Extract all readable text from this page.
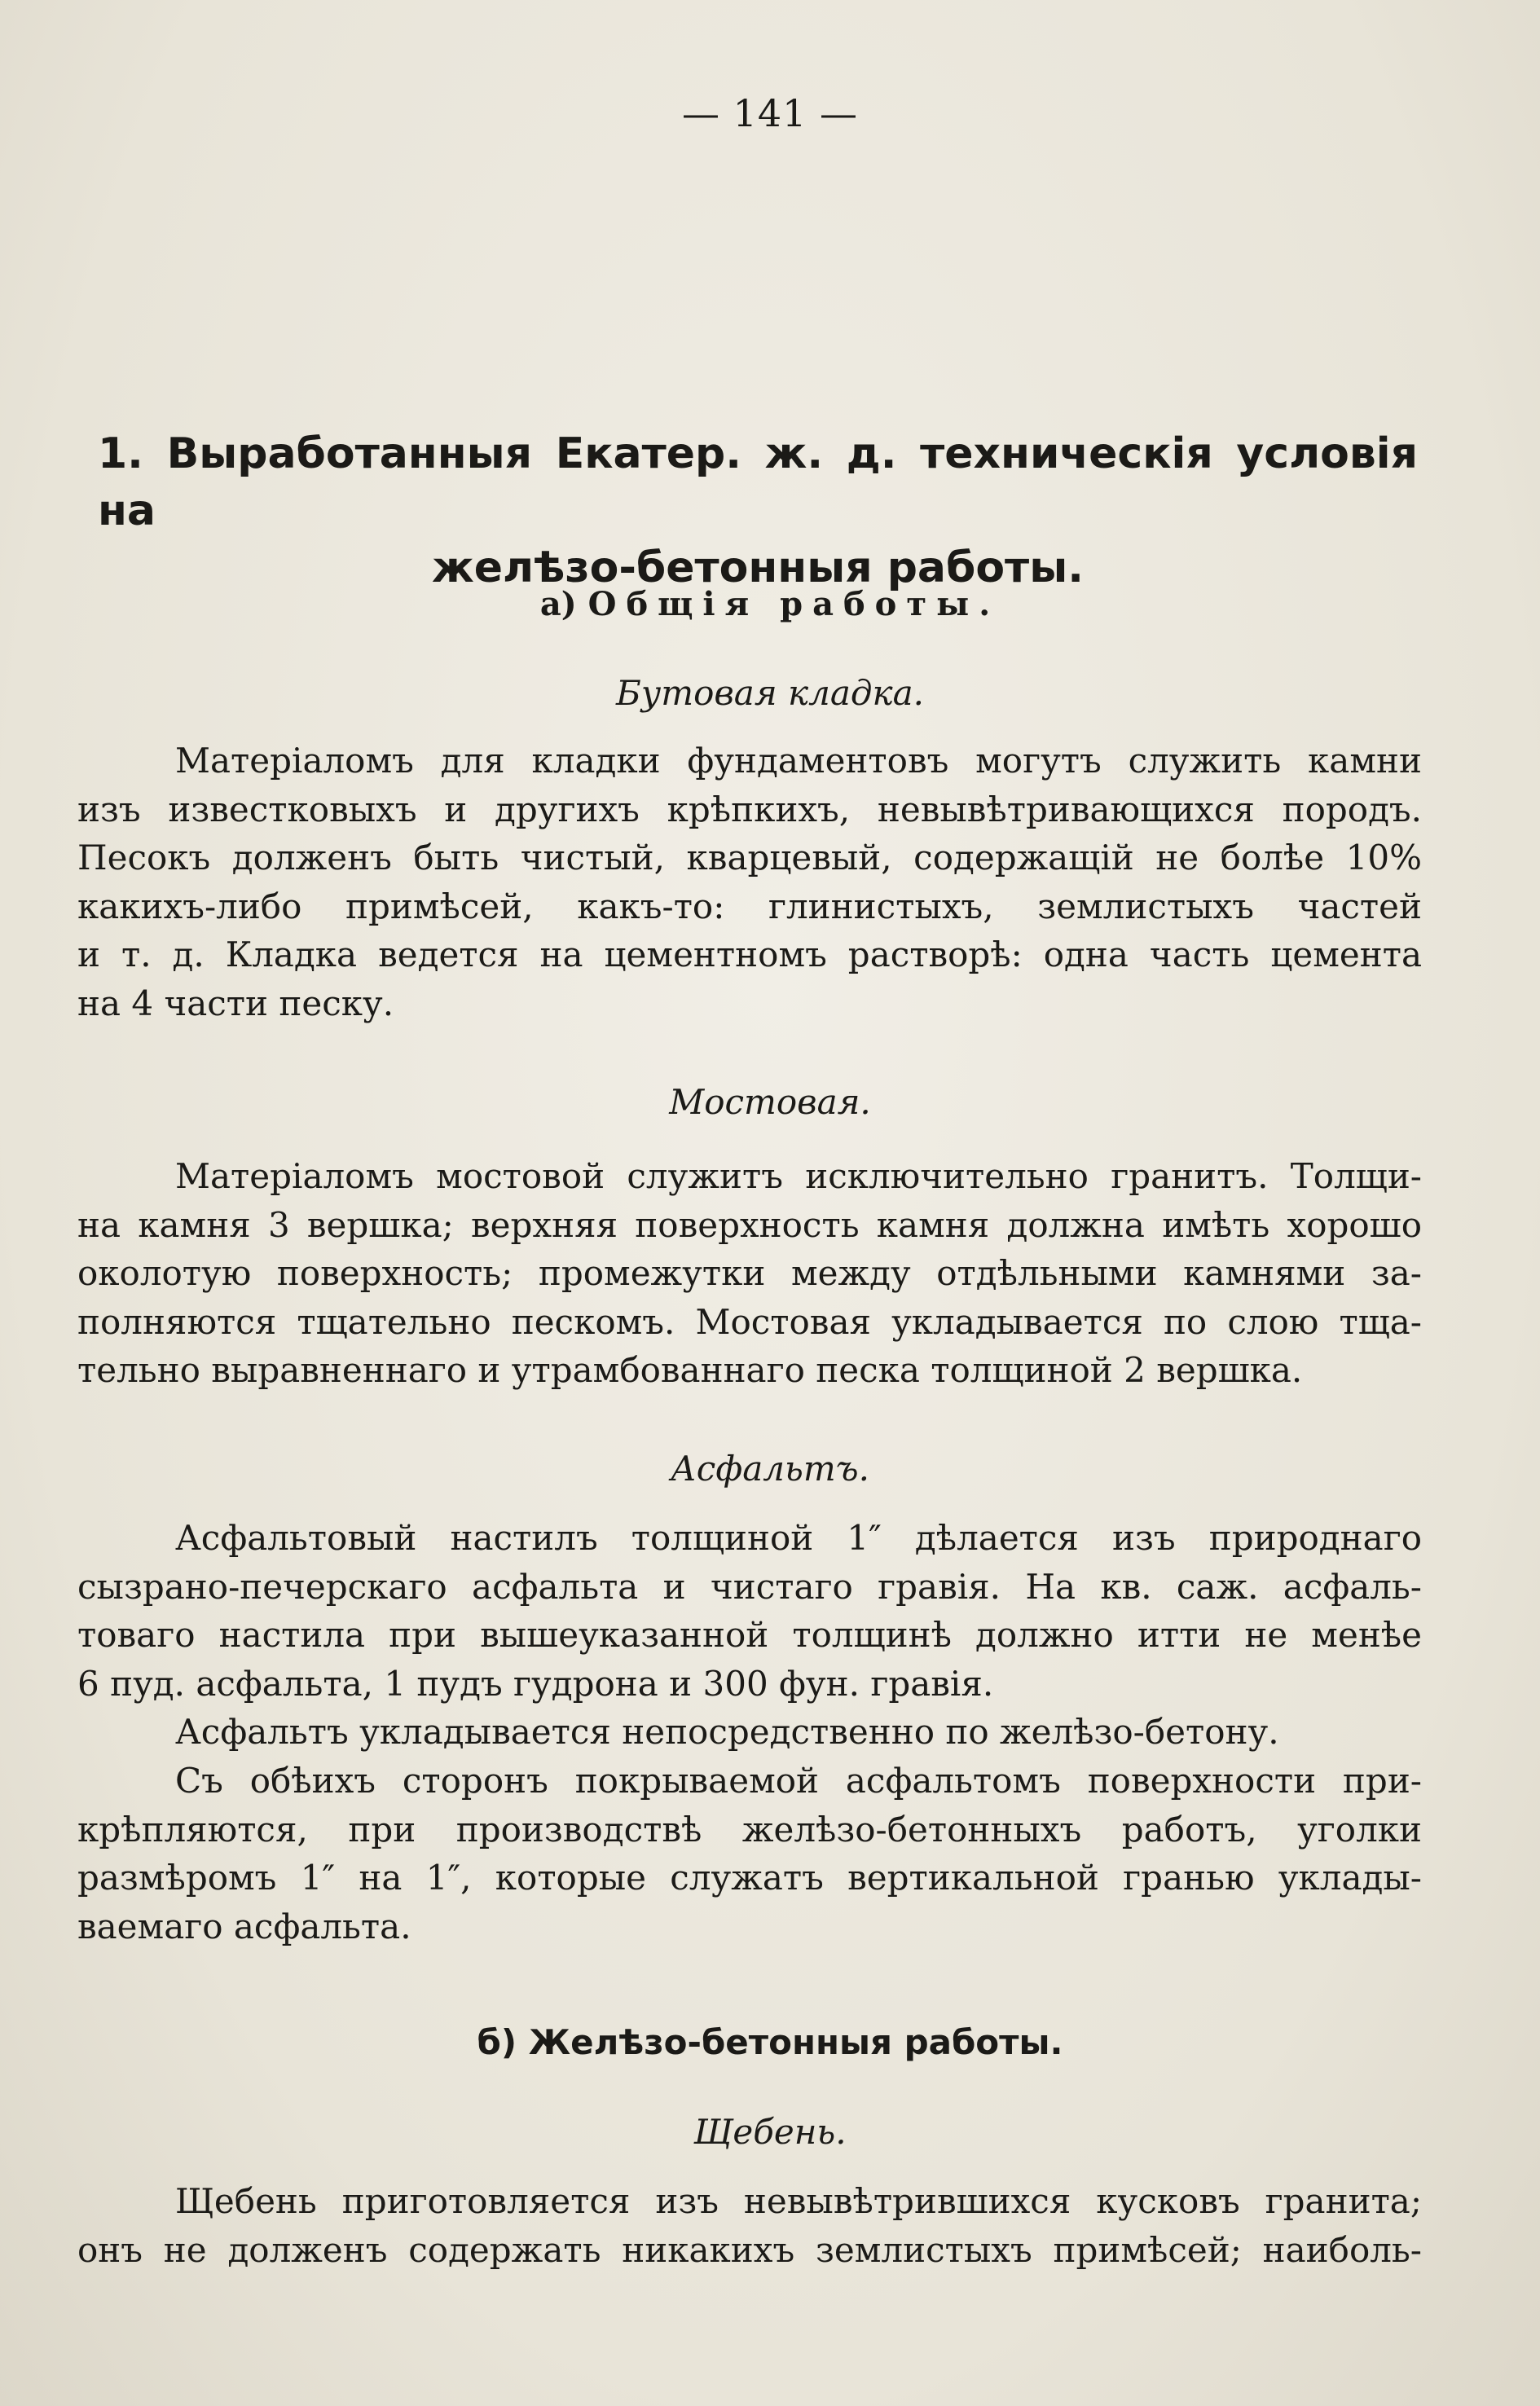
— 141 —
1. Выработанныя Екатер. ж. д. техническія условія на
желѣзо-бетонныя работы.
а) Общія работы.
Бутовая кладка.
Матеріаломъ для кладки фундаментовъ могутъ служить камни
изъ известковыхъ и другихъ крѣпкихъ, невывѣтривающихся породъ.
Песокъ долженъ быть чистый, кварцевый, содержащій не болѣе 10%
какихъ-либо примѣсей, какъ-то: глинистыхъ, землистыхъ частей
и т. д. Кладка ведется на цементномъ растворѣ: одна часть цемента
на 4 части песку.
Мостовая.
Матеріаломъ мостовой служитъ исключительно гранитъ. Толщи-
на камня 3 вершка; верхняя поверхность камня должна имѣть хорошо
околотую поверхность; промежутки между отдѣльными камнями за-
полняются тщательно пескомъ. Мостовая укладывается по слою тща-
тельно выравненнаго и утрамбованнаго песка толщиной 2 вершка.
Асфальтъ.
Асфальтовый настилъ толщиной 1″ дѣлается изъ природнаго
сызрано-печерскаго асфальта и чистаго гравія. На кв. саж. асфаль-
товаго настила при вышеуказанной толщинѣ должно итти не менѣе
6 пуд. асфальта, 1 пудъ гудрона и 300 фун. гравія.
Асфальтъ укладывается непосредственно по желѣзо-бетону.
Съ обѣихъ сторонъ покрываемой асфальтомъ поверхности при-
крѣпляются, при производствѣ желѣзо-бетонныхъ работъ, уголки
размѣромъ 1″ на 1″, которые служатъ вертикальной гранью уклады-
ваемаго асфальта.
б) Желѣзо-бетонныя работы.
Щебень.
Щебень приготовляется изъ невывѣтрившихся кусковъ гранита;
онъ не долженъ содержать никакихъ землистыхъ примѣсей; наиболь-
